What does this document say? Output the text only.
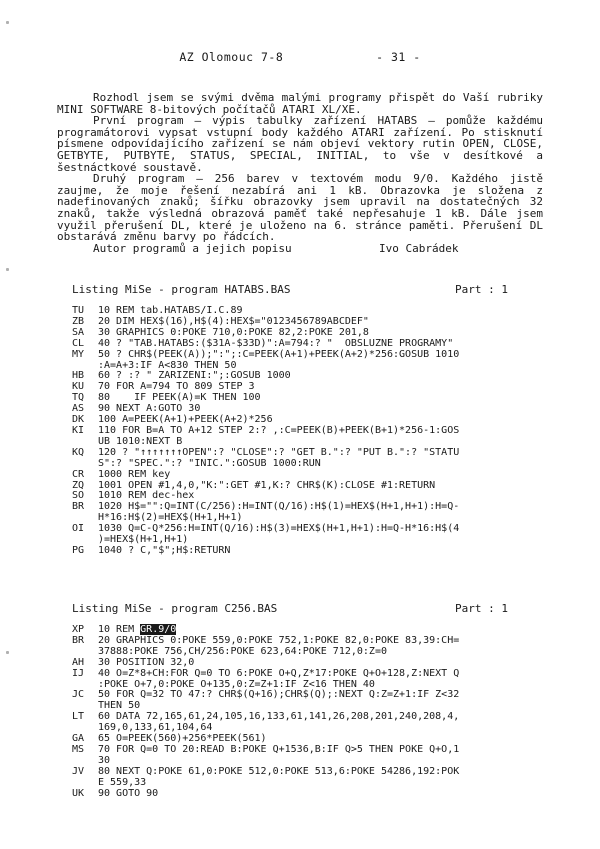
AZ Olomouc 7-8	- 31 -

Rozhodl jsem se svými dvěma malými programy přispět do Vaší rubriky MINI SOFTWARE 8-bitových počítačů ATARI XL/XE.

První program – výpis tabulky zařízení HATABS – pomůže každému programátorovi vypsat vstupní body každého ATARI zařízení. Po stisknutí písmene odpovídajícího zařízení se nám objeví vektory rutin OPEN, CLOSE, GETBYTE, PUTBYTE, STATUS, SPECIAL, INITIAL, to vše v desítkové a šestnáctkové soustavě.

Druhý program – 256 barev v textovém modu 9/0. Každého jistě zaujme, že moje řešení nezabírá ani 1 kB. Obrazovka je složena z nadefinovaných znaků; šířku obrazovky jsem upravil na dostatečných 32 znaků, takže výsledná obrazová paměť také nepřesahuje 1 kB. Dále jsem využil přerušení DL, které je uloženo na 6. stránce paměti. Přerušení DL obstarává změnu barvy po řádcích.

Autor programů a jejich popisu	Ivo Cabrádek
Listing MiSe - program HATABS.BAS	Part : 1
TU 10 REM tab.HATABS/I.C.89
ZB 20 DIM HEX$(16),H$(4):HEX$="0123456789ABCDEF"
SA 30 GRAPHICS 0:POKE 710,0:POKE 82,2:POKE 201,8
CL 40 ? "TAB.HATABS:($31A-$33D)":A=794:? "  OBSLUZNE PROGRAMY"
MY 50 ? CHR$(PEEK(A));":";:C=PEEK(A+1)+PEEK(A+2)*256:GOSUB 1010
:A=A+3:IF A<830 THEN 50
HB 60 ? :? " ZARIZENI:";:GOSUB 1000
KU 70 FOR A=794 TO 809 STEP 3
TQ 80    IF PEEK(A)=K THEN 100
AS 90 NEXT A:GOTO 30
DK 100 A=PEEK(A+1)+PEEK(A+2)*256
KI 110 FOR B=A TO A+12 STEP 2:? ,:C=PEEK(B)+PEEK(B+1)*256-1:GOS
UB 1010:NEXT B
KQ 120 ? "↑↑↑↑↑↑↑OPEN":? "CLOSE":? "GET B.":? "PUT B.":? "STATU
S":? "SPEC.":? "INIC.":GOSUB 1000:RUN
CR 1000 REM key
ZQ 1001 OPEN #1,4,0,"K:":GET #1,K:? CHR$(K):CLOSE #1:RETURN
SO 1010 REM dec-hex
BR 1020 H$="":Q=INT(C/256):H=INT(Q/16):H$(1)=HEX$(H+1,H+1):H=Q-
H*16:H$(2)=HEX$(H+1,H+1)
OI 1030 Q=C-Q*256:H=INT(Q/16):H$(3)=HEX$(H+1,H+1):H=Q-H*16:H$(4
)=HEX$(H+1,H+1)
PG 1040 ? C,"$";H$:RETURN
Listing MiSe - program C256.BAS	Part : 1
XP 10 REM GR.9/0
BR 20 GRAPHICS 0:POKE 559,0:POKE 752,1:POKE 82,0:POKE 83,39:CH=
37888:POKE 756,CH/256:POKE 623,64:POKE 712,0:Z=0
AH 30 POSITION 32,0
IJ 40 O=Z*8+CH:FOR Q=0 TO 6:POKE O+Q,Z*17:POKE Q+O+128,Z:NEXT Q
:POKE O+7,0:POKE O+135,0:Z=Z+1:IF Z<16 THEN 40
JC 50 FOR Q=32 TO 47:? CHR$(Q+16);CHR$(Q);:NEXT Q:Z=Z+1:IF Z<32
THEN 50
LT 60 DATA 72,165,61,24,105,16,133,61,141,26,208,201,240,208,4,
169,0,133,61,104,64
GA 65 O=PEEK(560)+256*PEEK(561)
MS 70 FOR Q=0 TO 20:READ B:POKE Q+1536,B:IF Q>5 THEN POKE Q+O,1
30
JV 80 NEXT Q:POKE 61,0:POKE 512,0:POKE 513,6:POKE 54286,192:POK
E 559,33
UK 90 GOTO 90
